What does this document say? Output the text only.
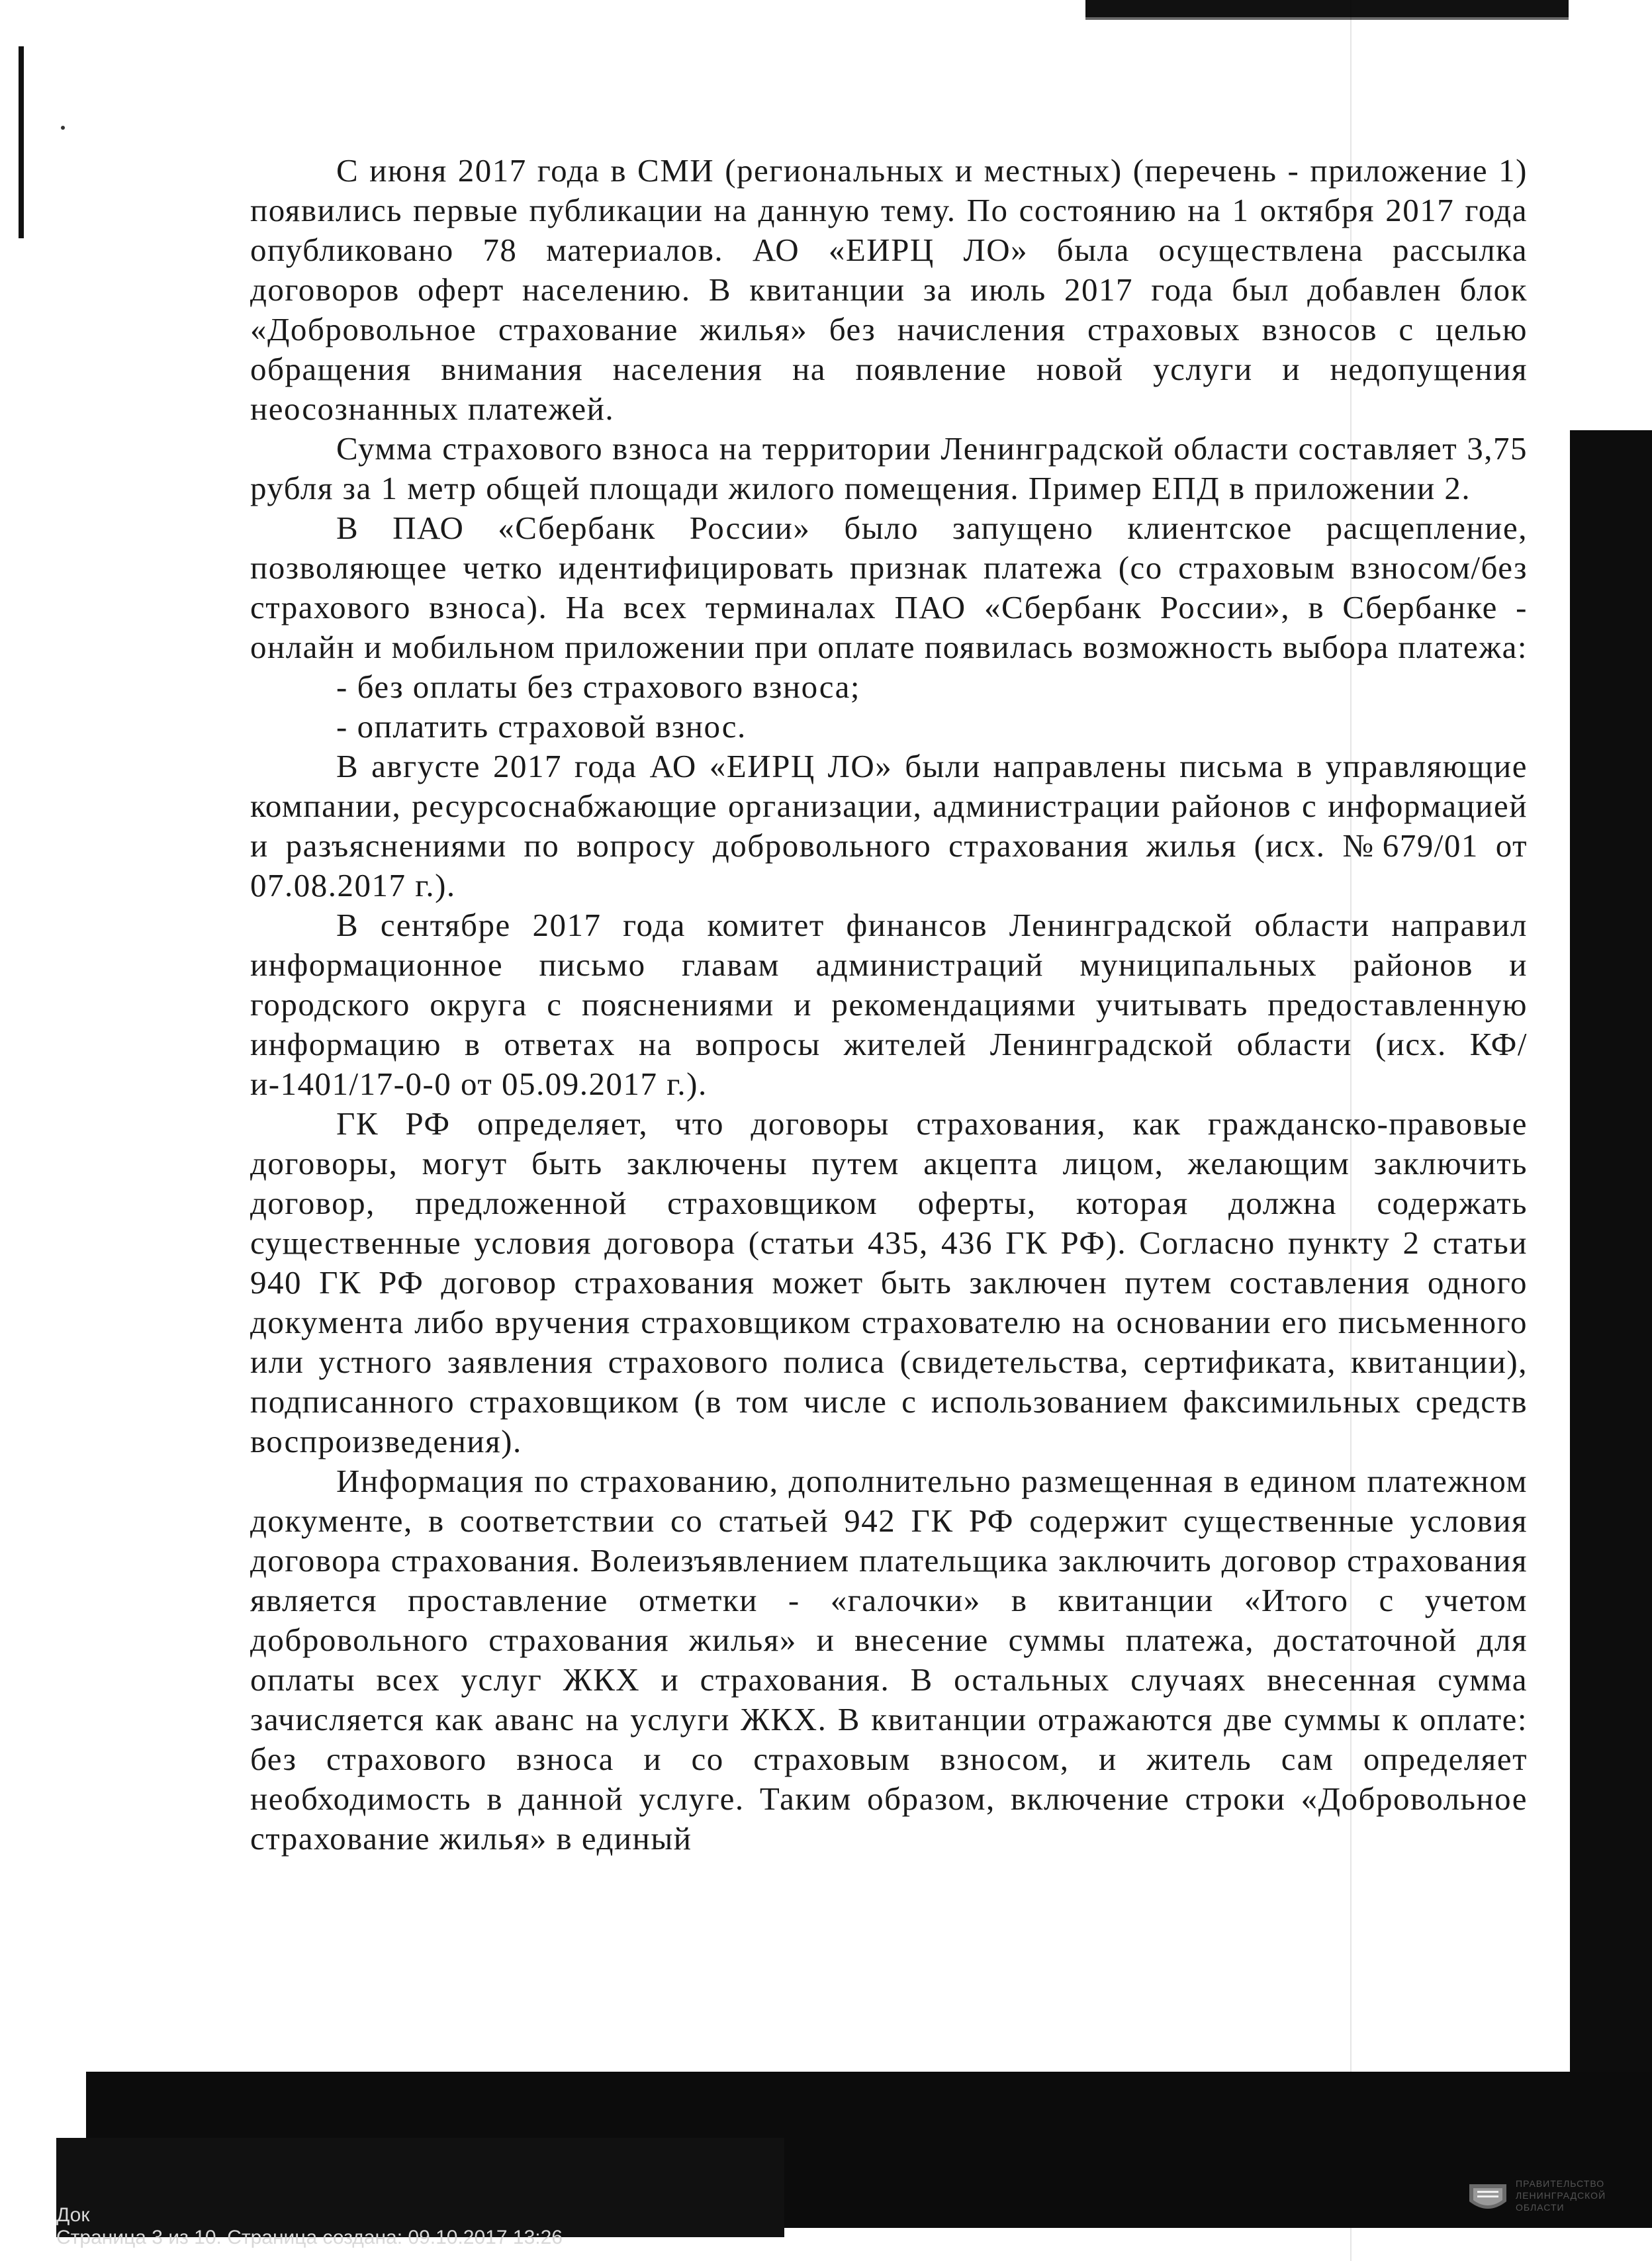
С июня 2017 года в СМИ (региональных и местных) (перечень - приложение 1) появились первые публикации на данную тему. По состоянию на 1 октября 2017 года опубликовано 78 материалов. АО «ЕИРЦ ЛО» была осуществлена рассылка договоров оферт населению. В квитанции за июль 2017 года был добавлен блок «Добровольное страхование жилья» без начисления страховых взносов с целью обращения внимания населения на появление новой услуги и недопущения неосознанных платежей.

Сумма страхового взноса на территории Ленинградской области составляет 3,75 рубля за 1 метр общей площади жилого помещения. Пример ЕПД в приложении 2.

В ПАО «Сбербанк России» было запущено клиентское расщепление, позволяющее четко идентифицировать признак платежа (со страховым взносом/без страхового взноса). На всех терминалах ПАО «Сбербанк России», в Сбербанке - онлайн и мобильном приложении при оплате появилась возможность выбора платежа:

- без оплаты без страхового взноса;

- оплатить страховой взнос.

В августе 2017 года АО «ЕИРЦ ЛО» были направлены письма в управляющие компании, ресурсоснабжающие организации, администрации районов с информацией и разъяснениями по вопросу добровольного страхования жилья (исх. №679/01 от 07.08.2017 г.).

В сентябре 2017 года комитет финансов Ленинградской области направил информационное письмо главам администраций муниципальных районов и городского округа с пояснениями и рекомендациями учитывать предоставленную информацию в ответах на вопросы жителей Ленинградской области (исх. КФ/и-1401/17-0-0 от 05.09.2017 г.).

ГК РФ определяет, что договоры страхования, как гражданско-правовые договоры, могут быть заключены путем акцепта лицом, желающим заключить договор, предложенной страховщиком оферты, которая должна содержать существенные условия договора (статьи 435, 436 ГК РФ). Согласно пункту 2 статьи 940 ГК РФ договор страхования может быть заключен путем составления одного документа либо вручения страховщиком страхователю на основании его письменного или устного заявления страхового полиса (свидетельства, сертификата, квитанции), подписанного страховщиком (в том числе с использованием факсимильных средств воспроизведения).

Информация по страхованию, дополнительно размещенная в едином платежном документе, в соответствии со статьей 942 ГК РФ содержит существенные условия договора страхования. Волеизъявлением плательщика заключить договор страхования является проставление отметки - «галочки» в квитанции «Итого с учетом добровольного страхования жилья» и внесение суммы платежа, достаточной для оплаты всех услуг ЖКХ и страхования. В остальных случаях внесенная сумма зачисляется как аванс на услуги ЖКХ. В квитанции отражаются две суммы к оплате: без страхового взноса и со страховым взносом, и житель сам определяет необходимость в данной услуге. Таким образом, включение строки «Добровольное страхование жилья» в единый

Док
Страница 3 из 10. Страница создана: 09.10.2017 13:26
ПРАВИТЕЛЬСТВО
ЛЕНИНГРАДСКОЙ
ОБЛАСТИ
